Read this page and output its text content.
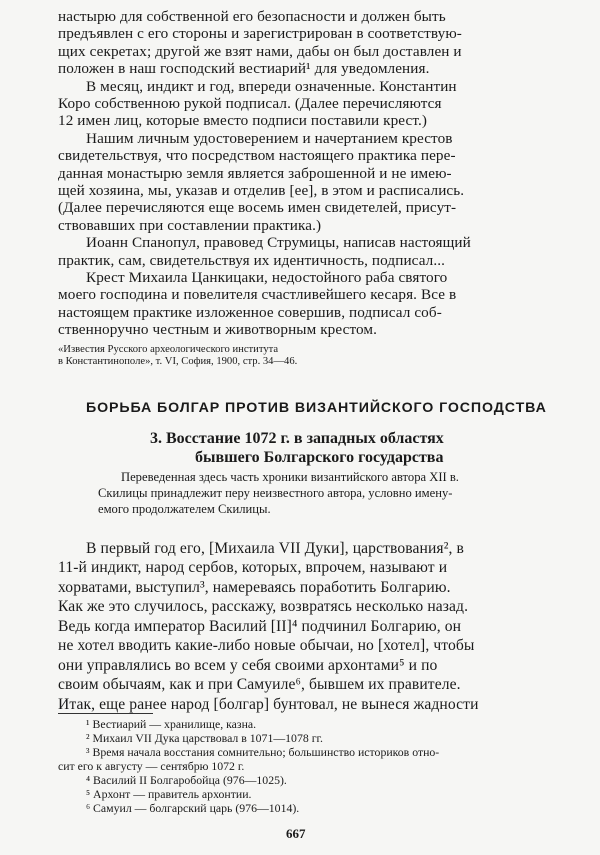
настырю для собственной его безопасности и должен быть
предъявлен с его стороны и зарегистрирован в соответствую-
щих секретах; другой же взят нами, дабы он был доставлен и
положен в наш господский вестиарий¹ для уведомления.
В месяц, индикт и год, впереди означенные. Константин
Коро собственною рукой подписал. (Далее перечисляются
12 имен лиц, которые вместо подписи поставили крест.)
Нашим личным удостоверением и начертанием крестов
свидетельствуя, что посредством настоящего практика пере-
данная монастырю земля является заброшенной и не имею-
щей хозяина, мы, указав и отделив [ее], в этом и расписались.
(Далее перечисляются еще восемь имен свидетелей, присут-
ствовавших при составлении практика.)
Иоанн Спанопул, правовед Струмицы, написав настоящий
практик, сам, свидетельствуя их идентичность, подписал...
Крест Михаила Цанкицаки, недостойного раба святого
моего господина и повелителя счастливейшего кесаря. Все в
настоящем практике изложенное совершив, подписал соб-
ственноручно честным и животворным крестом.
«Известия Русского археологического института
в Константинополе», т. VI, София, 1900, стр. 34—46.
БОРЬБА БОЛГАР ПРОТИВ ВИЗАНТИЙСКОГО ГОСПОДСТВА
3. Восстание 1072 г. в западных областях
бывшего Болгарского государства
Переведенная здесь часть хроники византийского автора XII в.
Скилицы принадлежит перу неизвестного автора, условно имену-
емого продолжателем Скилицы.
В первый год его, [Михаила VII Дуки], царствования², в
11-й индикт, народ сербов, которых, впрочем, называют и
хорватами, выступил³, намереваясь поработить Болгарию.
Как же это случилось, расскажу, возвратясь несколько назад.
Ведь когда император Василий [II]⁴ подчинил Болгарию, он
не хотел вводить какие-либо новые обычаи, но [хотел], чтобы
они управлялись во всем у себя своими архонтами⁵ и по
своим обычаям, как и при Самуиле⁶, бывшем их правителе.
Итак, еще ранее народ [болгар] бунтовал, не вынеся жадности
¹ Вестиарий — хранилище, казна.
² Михаил VII Дука царствовал в 1071—1078 гг.
³ Время начала восстания сомнительно; большинство историков отно-
сит его к августу — сентябрю 1072 г.
⁴ Василий II Болгаробойца (976—1025).
⁵ Архонт — правитель архонтии.
⁶ Самуил — болгарский царь (976—1014).
667
